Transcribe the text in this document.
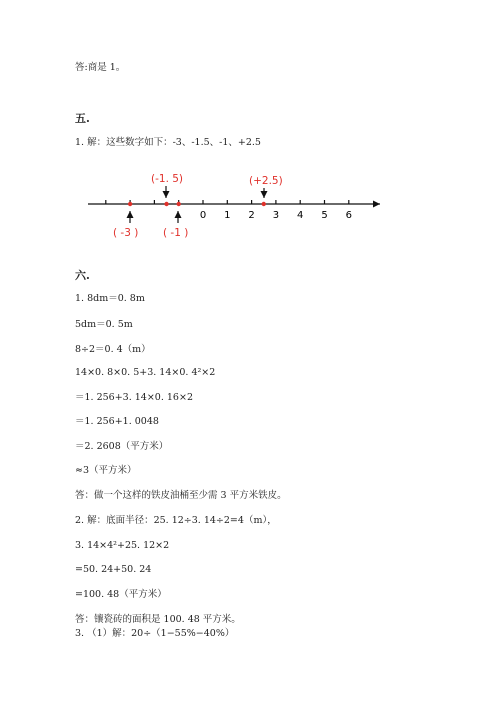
答:商是 1。
五.
1. 解：这些数字如下：-3、-1.5、-1、+2.5
0 1 2 3 4 5 6
(-1. 5)	(+2.5)
( -3 ) ( -1 )
六.
1. 8dm＝0. 8m
5dm＝0. 5m
8÷2＝0. 4（m）
14×0. 8×0. 5+3. 14×0. 4²×2
＝1. 256+3. 14×0. 16×2
＝1. 256+1. 0048
＝2. 2608（平方米）
≈3（平方米）
答：做一个这样的铁皮油桶至少需 3 平方米铁皮。
2. 解：底面半径：25. 12÷3. 14÷2=4（m），
3. 14×4²+25. 12×2
=50. 24+50. 24
=100. 48（平方米）
答：镶瓷砖的面积是 100. 48 平方米。
3. （1）解：20÷（1−55%−40%）
